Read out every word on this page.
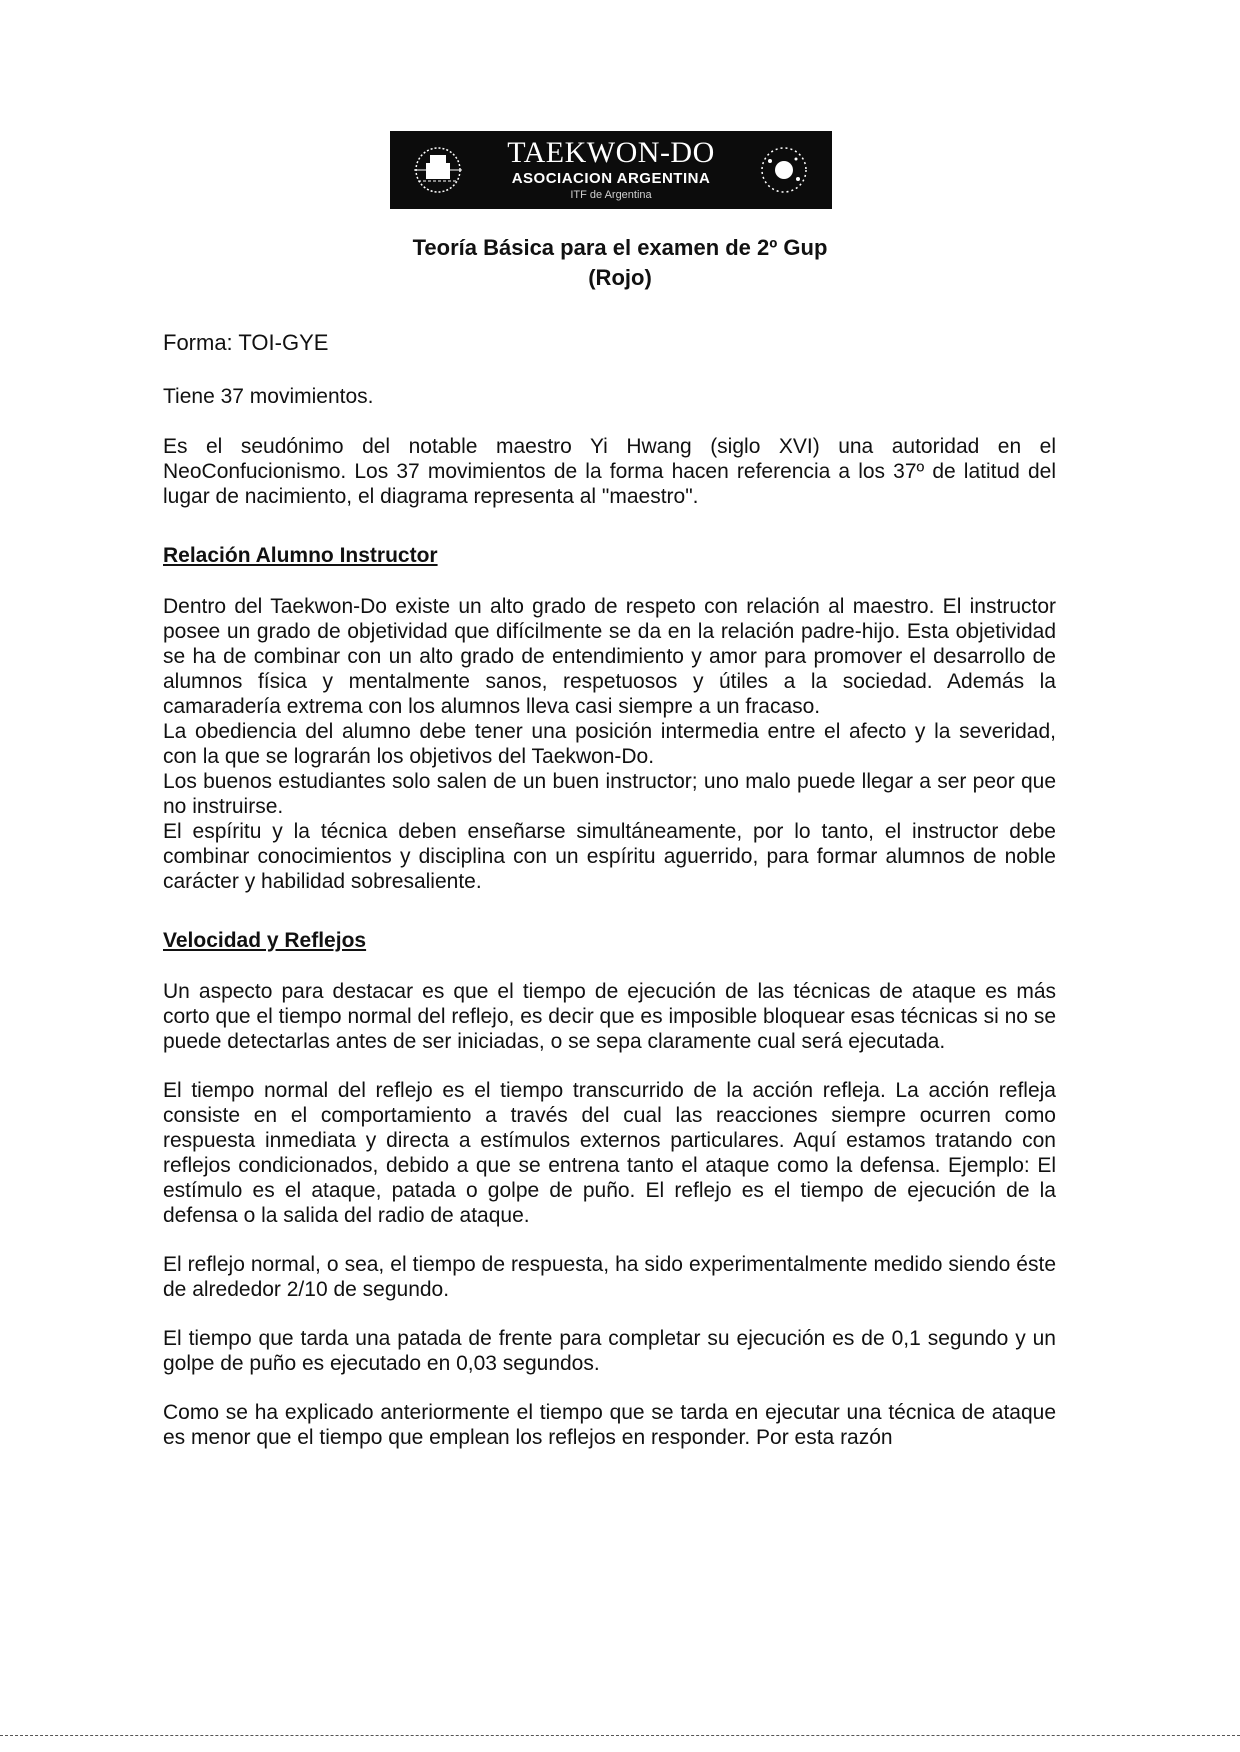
TAEKWON-DO
ASOCIACION ARGENTINA
ITF de Argentina
Teoría Básica para el examen de 2º Gup
(Rojo)

Forma: TOI-GYE

Tiene 37 movimientos.

Es el seudónimo del notable maestro Yi Hwang (siglo XVI) una autoridad en el NeoConfucionismo. Los 37 movimientos de la forma hacen referencia a los 37º de latitud del lugar de nacimiento, el diagrama representa al "maestro".

Relación Alumno Instructor

Dentro del Taekwon-Do existe un alto grado de respeto con relación al maestro. El instructor posee un grado de objetividad que difícilmente se da en la relación padre-hijo. Esta objetividad se ha de combinar con un alto grado de entendimiento y amor para promover el desarrollo de alumnos física y mentalmente sanos, respetuosos y útiles a la sociedad. Además la camaradería extrema con los alumnos lleva casi siempre a un fracaso.

La obediencia del alumno debe tener una posición intermedia entre el afecto y la severidad, con la que se lograrán los objetivos del Taekwon-Do.

Los buenos estudiantes solo salen de un buen instructor; uno malo puede llegar a ser peor que no instruirse.

El espíritu y la técnica deben enseñarse simultáneamente, por lo tanto, el instructor debe combinar conocimientos y disciplina con un espíritu aguerrido, para formar alumnos de noble carácter y habilidad sobresaliente.

Velocidad y Reflejos

Un aspecto para destacar es que el tiempo de ejecución de las técnicas de ataque es más corto que el tiempo normal del reflejo, es decir que es imposible bloquear esas técnicas si no se puede detectarlas antes de ser iniciadas, o se sepa claramente cual será ejecutada.

El tiempo normal del reflejo es el tiempo transcurrido de la acción refleja. La acción refleja consiste en el comportamiento a través del cual las reacciones siempre ocurren como respuesta inmediata y directa a estímulos externos particulares. Aquí estamos tratando con reflejos condicionados, debido a que se entrena tanto el ataque como la defensa. Ejemplo: El estímulo es el ataque, patada o golpe de puño. El reflejo es el tiempo de ejecución de la defensa o la salida del radio de ataque.

El reflejo normal, o sea, el tiempo de respuesta, ha sido experimentalmente medido siendo éste de alrededor 2/10 de segundo.

El tiempo que tarda una patada de frente para completar su ejecución es de 0,1 segundo y un golpe de puño es ejecutado en 0,03 segundos.

Como se ha explicado anteriormente el tiempo que se tarda en ejecutar una técnica de ataque es menor que el tiempo que emplean los reflejos en responder. Por esta razón
